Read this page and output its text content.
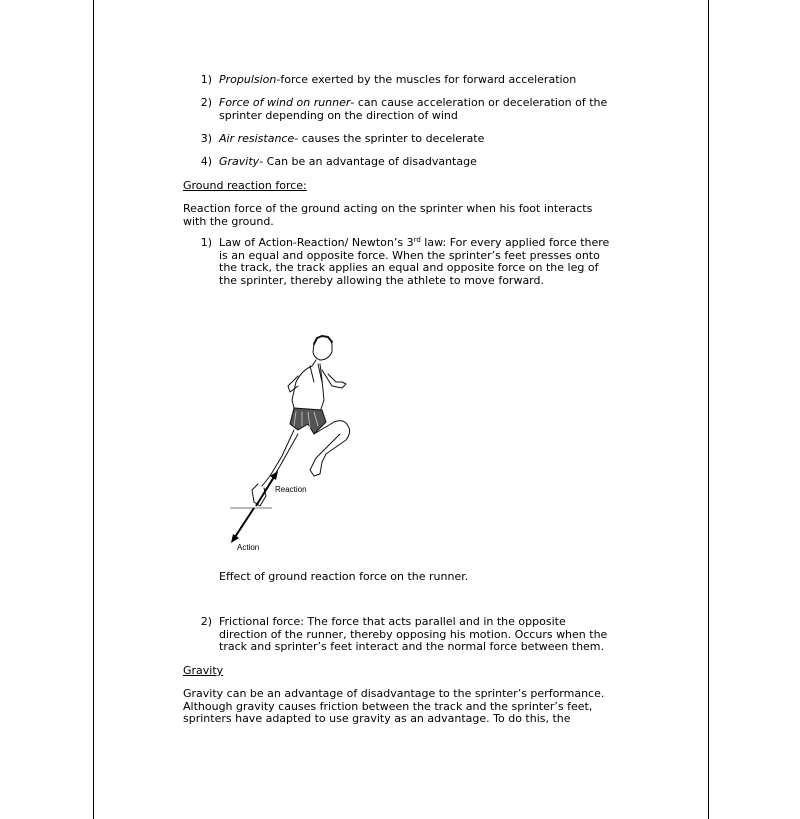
1) Propulsion-force exerted by the muscles for forward acceleration
2) Force of wind on runner- can cause acceleration or deceleration of the sprinter depending on the direction of wind
3) Air resistance- causes the sprinter to decelerate
4) Gravity- Can be an advantage of disadvantage
Ground reaction force:
Reaction force of the ground acting on the sprinter when his foot interacts with the ground.
1) Law of Action-Reaction/ Newton’s 3rd law: For every applied force there is an equal and opposite force. When the sprinter’s feet presses onto the track, the track applies an equal and opposite force on the leg of the sprinter, thereby allowing the athlete to move forward.
Reaction
Action
Effect of ground reaction force on the runner.
2) Frictional force: The force that acts parallel and in the opposite direction of the runner, thereby opposing his motion. Occurs when the track and sprinter’s feet interact and the normal force between them.
Gravity
Gravity can be an advantage of disadvantage to the sprinter’s performance. Although gravity causes friction between the track and the sprinter’s feet, sprinters have adapted to use gravity as an advantage. To do this, the
